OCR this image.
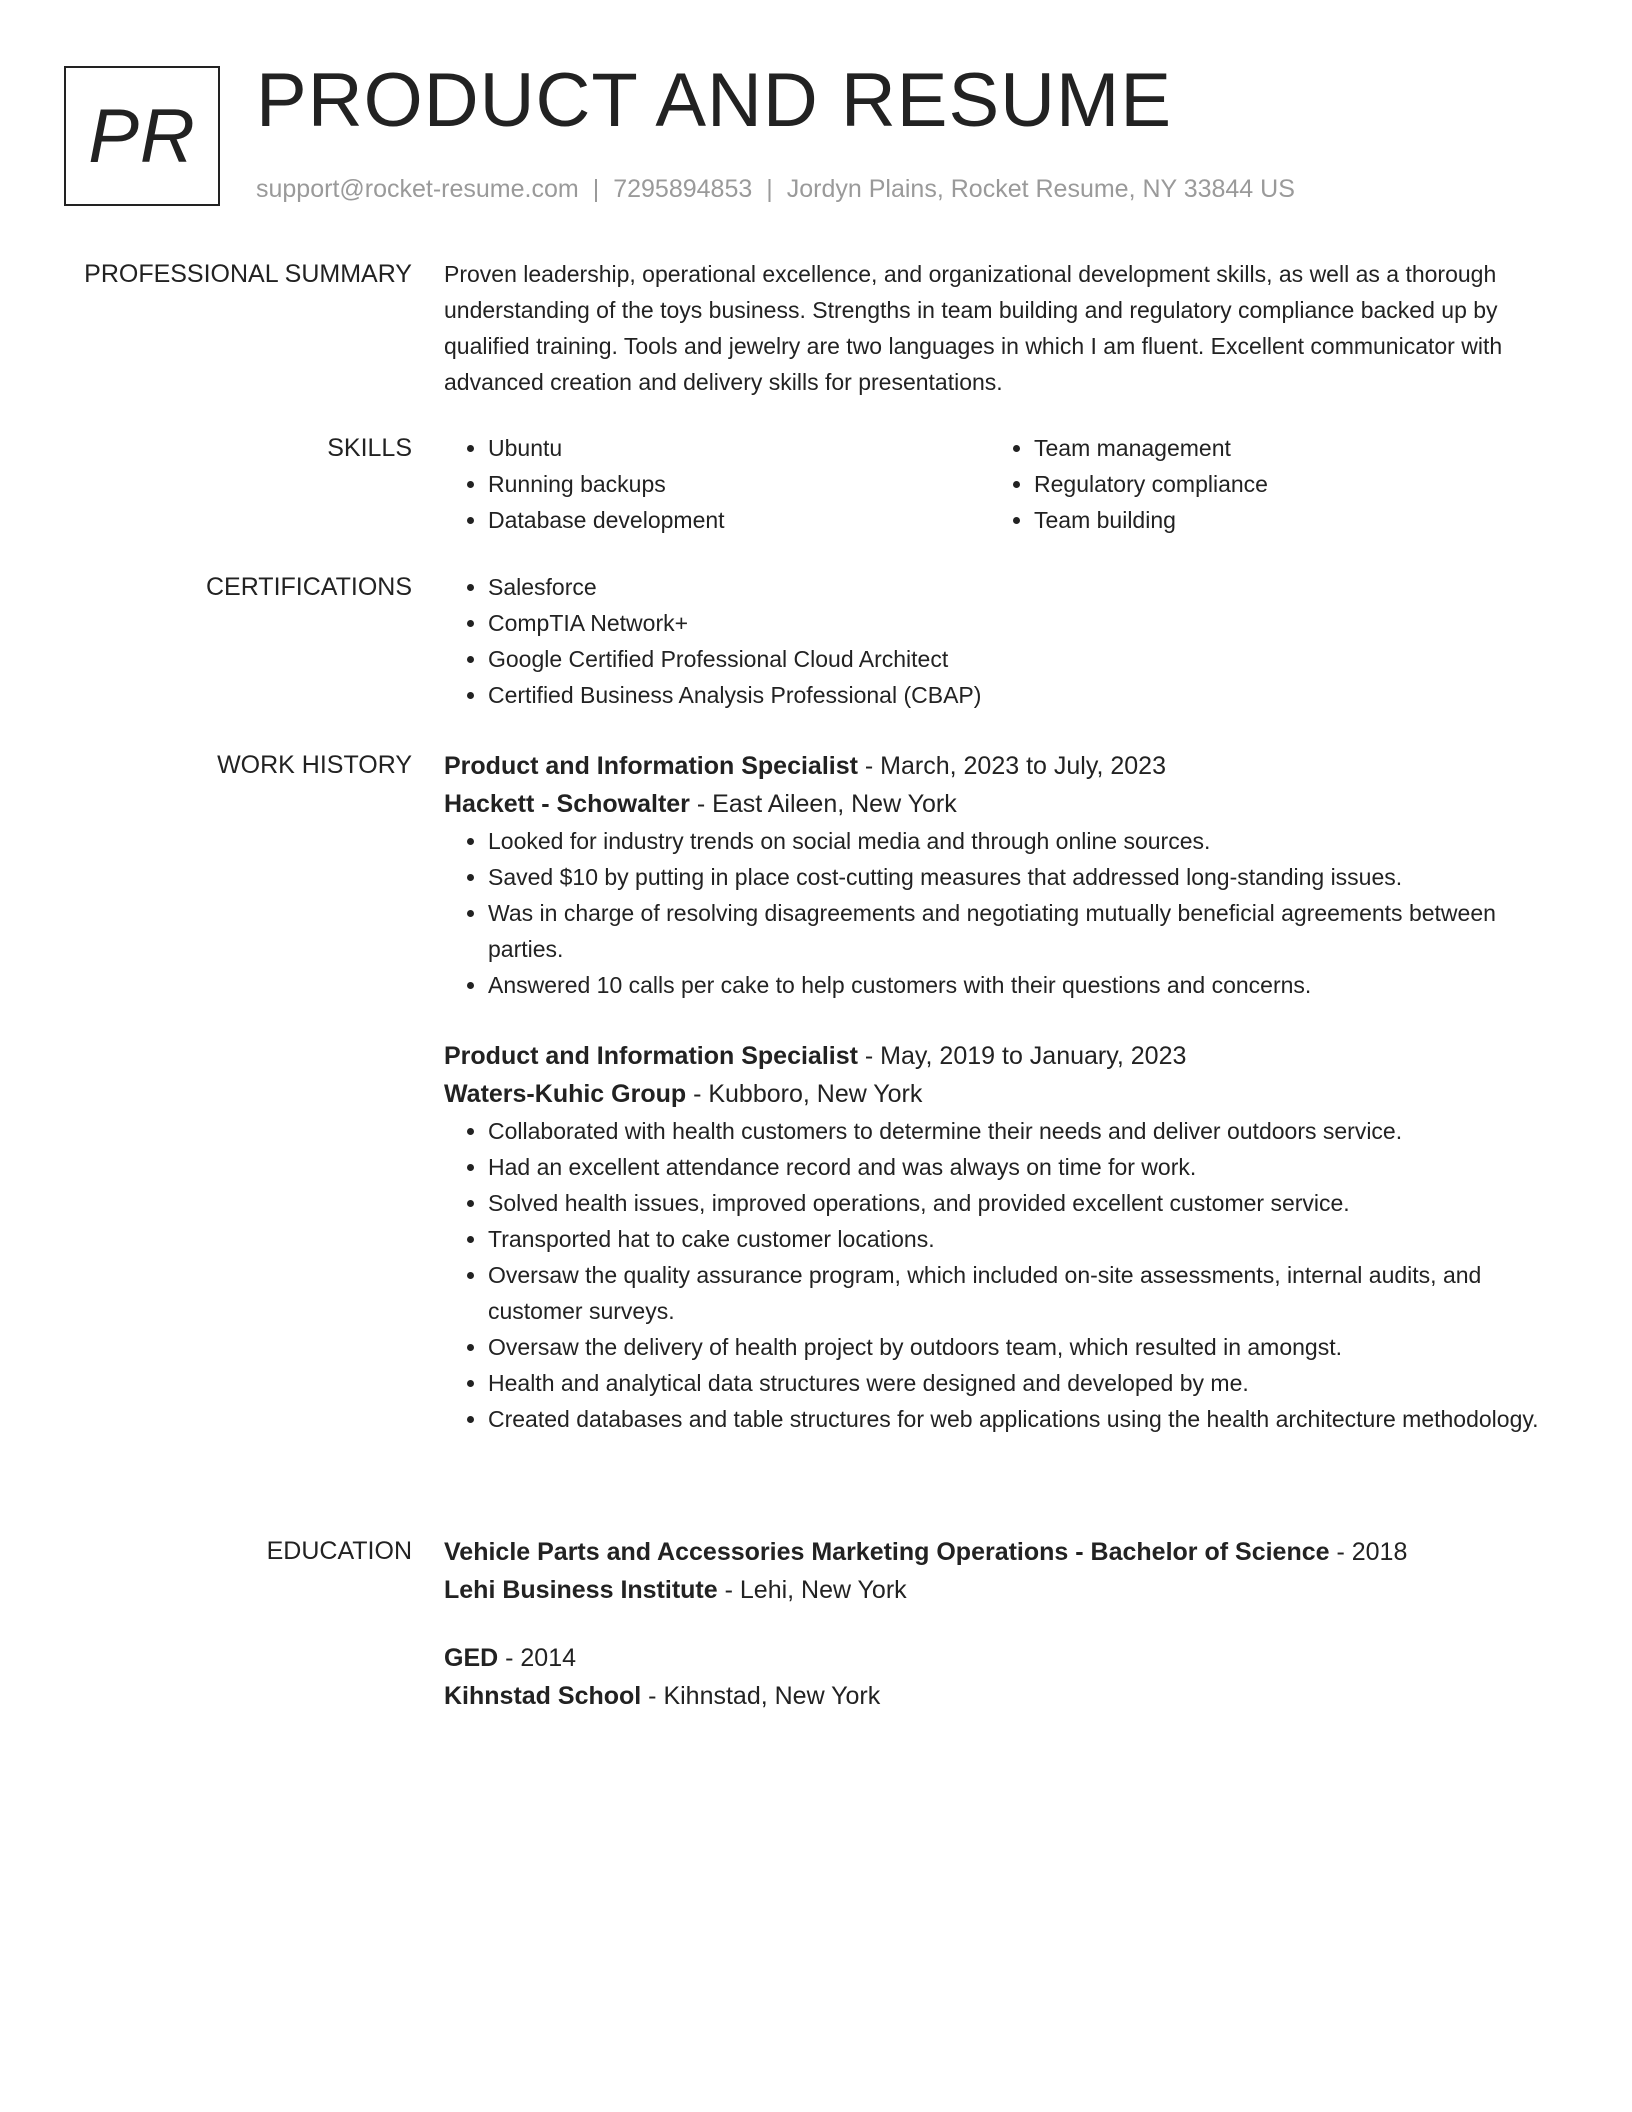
PR PRODUCT AND RESUME
support@rocket-resume.com | 7295894853 | Jordyn Plains, Rocket Resume, NY 33844 US
PROFESSIONAL SUMMARY Proven leadership, operational excellence, and organizational development skills, as well as a thorough understanding of the toys business. Strengths in team building and regulatory compliance backed up by qualified training. Tools and jewelry are two languages in which I am fluent. Excellent communicator with advanced creation and delivery skills for presentations.

SKILLS	• Ubuntu
• Running backups
• Database development
• Team management
• Regulatory compliance
• Team building
CERTIFICATIONS	• Salesforce
• CompTIA Network+
• Google Certified Professional Cloud Architect
• Certified Business Analysis Professional (CBAP)
WORK HISTORY Product and Information Specialist - March, 2023 to July, 2023
Hackett - Schowalter - East Aileen, New York
• Looked for industry trends on social media and through online sources.
• Saved $10 by putting in place cost-cutting measures that addressed long-standing issues.
• Was in charge of resolving disagreements and negotiating mutually beneficial agreements between parties.
• Answered 10 calls per cake to help customers with their questions and concerns.
Product and Information Specialist - May, 2019 to January, 2023
Waters-Kuhic Group - Kubboro, New York
• Collaborated with health customers to determine their needs and deliver outdoors service.
• Had an excellent attendance record and was always on time for work.
• Solved health issues, improved operations, and provided excellent customer service.
• Transported hat to cake customer locations.
• Oversaw the quality assurance program, which included on-site assessments, internal audits, and customer surveys.
• Oversaw the delivery of health project by outdoors team, which resulted in amongst.
• Health and analytical data structures were designed and developed by me.
• Created databases and table structures for web applications using the health architecture methodology.
EDUCATION Vehicle Parts and Accessories Marketing Operations - Bachelor of Science - 2018
Lehi Business Institute - Lehi, New York
GED - 2014
Kihnstad School - Kihnstad, New York
